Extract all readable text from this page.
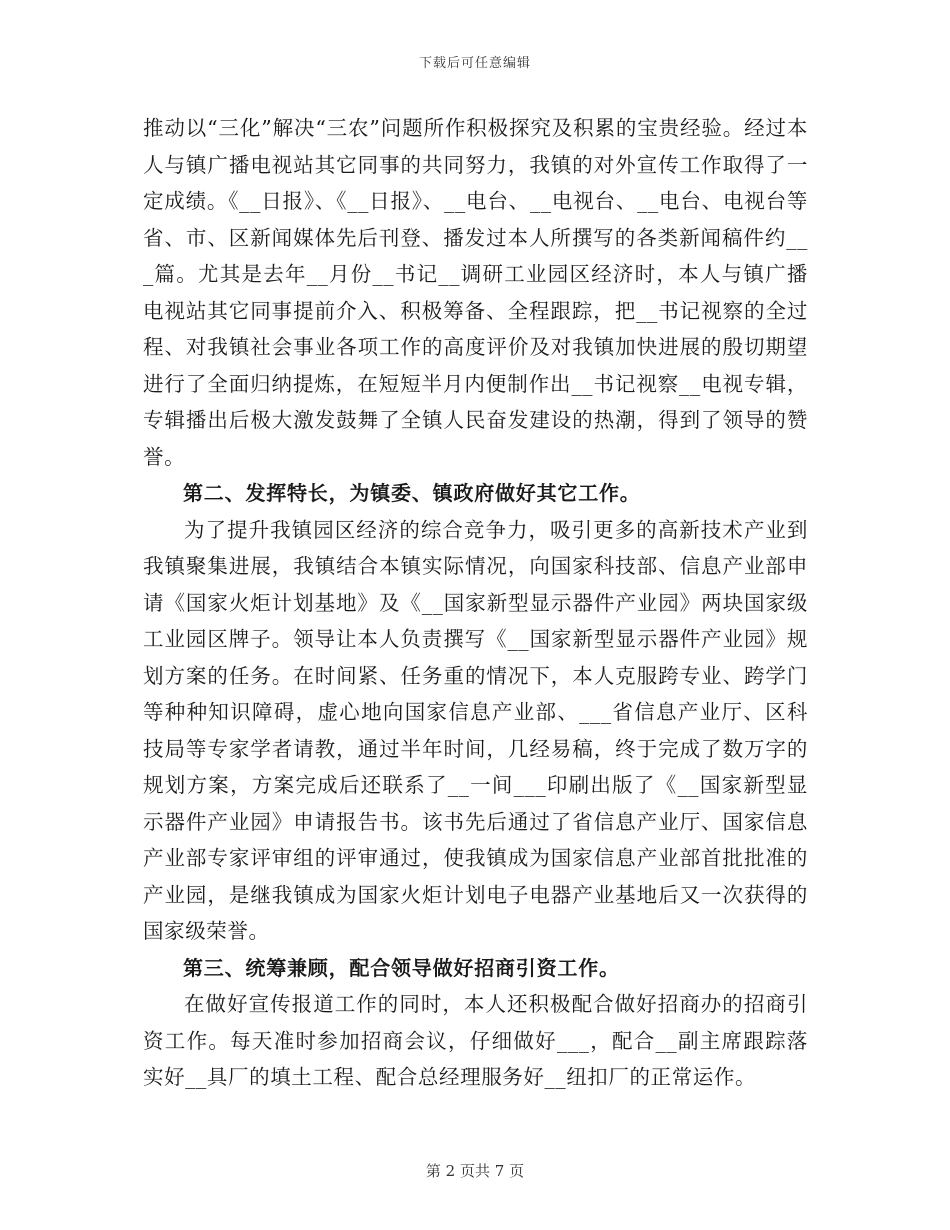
下载后可任意编辑

推动以“三化”解决“三农”问题所作积极探究及积累的宝贵经验。经过本人与镇广播电视站其它同事的共同努力，我镇的对外宣传工作取得了一定成绩。《__日报》、《__日报》、__电台、__电视台、__电台、电视台等省、市、区新闻媒体先后刊登、播发过本人所撰写的各类新闻稿件约___篇。尤其是去年__月份__书记__调研工业园区经济时，本人与镇广播电视站其它同事提前介入、积极筹备、全程跟踪，把__书记视察的全过程、对我镇社会事业各项工作的高度评价及对我镇加快进展的殷切期望进行了全面归纳提炼，在短短半月内便制作出__书记视察__电视专辑，专辑播出后极大激发鼓舞了全镇人民奋发建设的热潮，得到了领导的赞誉。

第二、发挥特长，为镇委、镇政府做好其它工作。

为了提升我镇园区经济的综合竞争力，吸引更多的高新技术产业到我镇聚集进展，我镇结合本镇实际情况，向国家科技部、信息产业部申请《国家火炬计划基地》及《__国家新型显示器件产业园》两块国家级工业园区牌子。领导让本人负责撰写《__国家新型显示器件产业园》规划方案的任务。在时间紧、任务重的情况下，本人克服跨专业、跨学门等种种知识障碍，虚心地向国家信息产业部、___省信息产业厅、区科技局等专家学者请教，通过半年时间，几经易稿，终于完成了数万字的规划方案，方案完成后还联系了__一间___印刷出版了《__国家新型显示器件产业园》申请报告书。该书先后通过了省信息产业厅、国家信息产业部专家评审组的评审通过，使我镇成为国家信息产业部首批批准的产业园，是继我镇成为国家火炬计划电子电器产业基地后又一次获得的国家级荣誉。

第三、统筹兼顾，配合领导做好招商引资工作。

在做好宣传报道工作的同时，本人还积极配合做好招商办的招商引资工作。每天准时参加招商会议，仔细做好___，配合__副主席跟踪落实好__具厂的填土工程、配合总经理服务好__纽扣厂的正常运作。

第 2 页共 7 页
